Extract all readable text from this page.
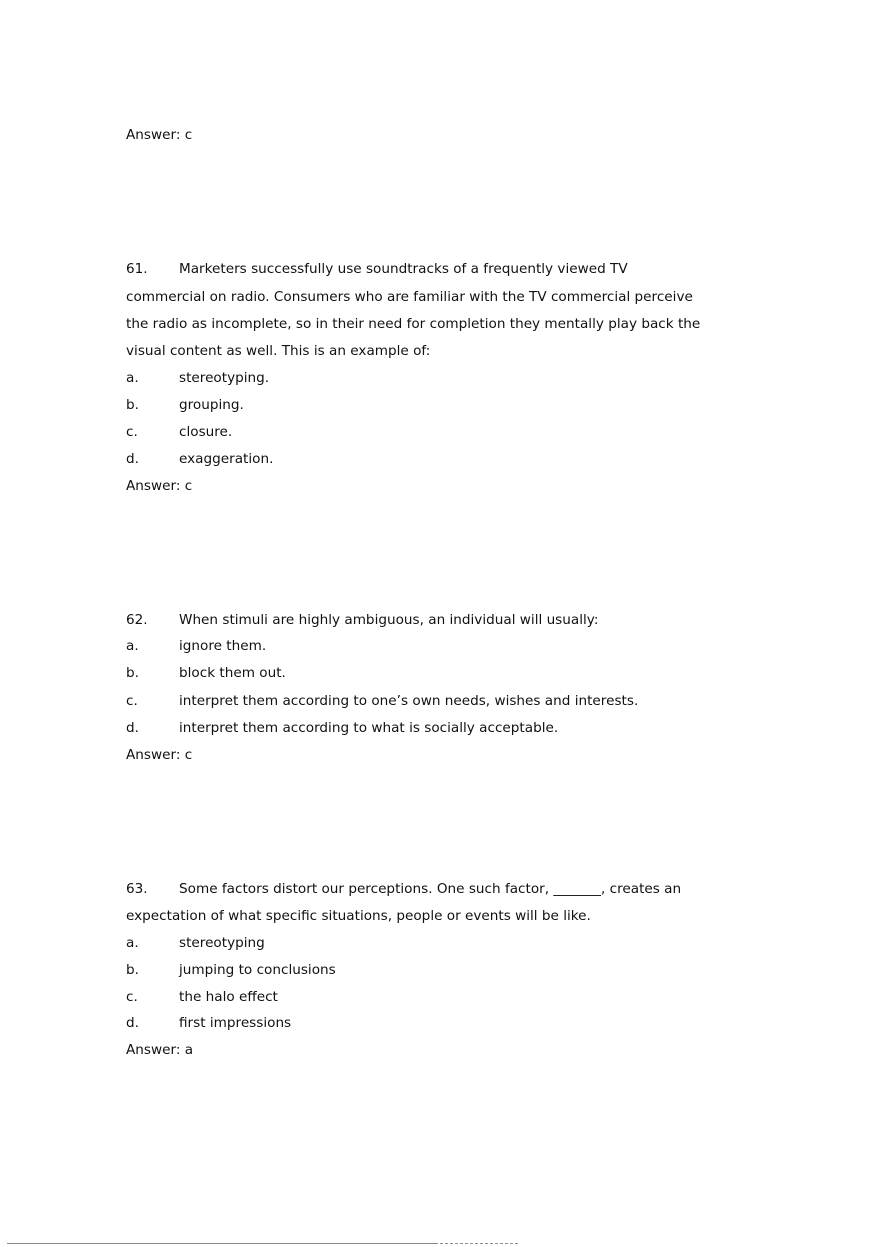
Answer: c
61. Marketers successfully use soundtracks of a frequently viewed TV
commercial on radio. Consumers who are familiar with the TV commercial perceive
the radio as incomplete, so in their need for completion they mentally play back the
visual content as well. This is an example of:
a.	stereotyping.
b.	grouping.
c.	closure.
d.	exaggeration.
Answer: c
62. When stimuli are highly ambiguous, an individual will usually:
a.	ignore them.
b.	block them out.
c.	interpret them according to one’s own needs, wishes and interests.
d.	interpret them according to what is socially acceptable.
Answer: c
63. Some factors distort our perceptions. One such factor, _______, creates an
expectation of what specific situations, people or events will be like.
a.	stereotyping
b.	jumping to conclusions
c.	the halo effect
d.	first impressions
Answer: a
